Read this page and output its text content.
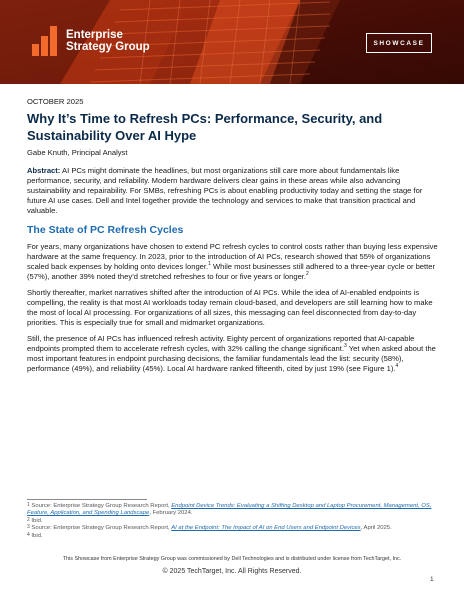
Enterprise
Strategy Group	SHOWCASE

OCTOBER 2025

Why It’s Time to Refresh PCs: Performance, Security, and Sustainability Over AI Hype

Gabe Knuth, Principal Analyst

Abstract: AI PCs might dominate the headlines, but most organizations still care more about fundamentals like performance, security, and reliability. Modern hardware delivers clear gains in these areas while also advancing sustainability and repairability. For SMBs, refreshing PCs is about enabling productivity today and setting the stage for future AI use cases. Dell and Intel together provide the technology and services to make that transition practical and valuable.

The State of PC Refresh Cycles

For years, many organizations have chosen to extend PC refresh cycles to control costs rather than buying less expensive hardware at the same frequency. In 2023, prior to the introduction of AI PCs, research showed that 55% of organizations scaled back expenses by holding onto devices longer.$^1$ While most businesses still adhered to a three-year cycle or better (57%), another 39% noted they’d stretched refreshes to four or five years or longer.$^2$

Shortly thereafter, market narratives shifted after the introduction of AI PCs. While the idea of AI-enabled endpoints is compelling, the reality is that most AI workloads today remain cloud-based, and developers are still learning how to make the most of local AI processing. For organizations of all sizes, this messaging can feel disconnected from day-to-day priorities. This is especially true for small and midmarket organizations.

Still, the presence of AI PCs has influenced refresh activity. Eighty percent of organizations reported that AI-capable endpoints prompted them to accelerate refresh cycles, with 32% calling the change significant.$^3$ Yet when asked about the most important features in endpoint purchasing decisions, the familiar fundamentals lead the list: security (58%), performance (49%), and reliability (45%). Local AI hardware ranked fifteenth, cited by just 19% (see Figure 1).$^4$

$^1$ Source: Enterprise Strategy Group Research Report, Endpoint Device Trends: Evaluating a Shifting Desktop and Laptop Procurement, Management, OS, Feature, Application, and Spending Landscape, February 2024.

$^2$ Ibid.

$^3$ Source: Enterprise Strategy Group Research Report, AI at the Endpoint: The Impact of AI on End Users and Endpoint Devices, April 2025.

$^4$ Ibid.

This Showcase from Enterprise Strategy Group was commissioned by Dell Technologies and is distributed under license from TechTarget, Inc.
© 2025 TechTarget, Inc. All Rights Reserved.
1
